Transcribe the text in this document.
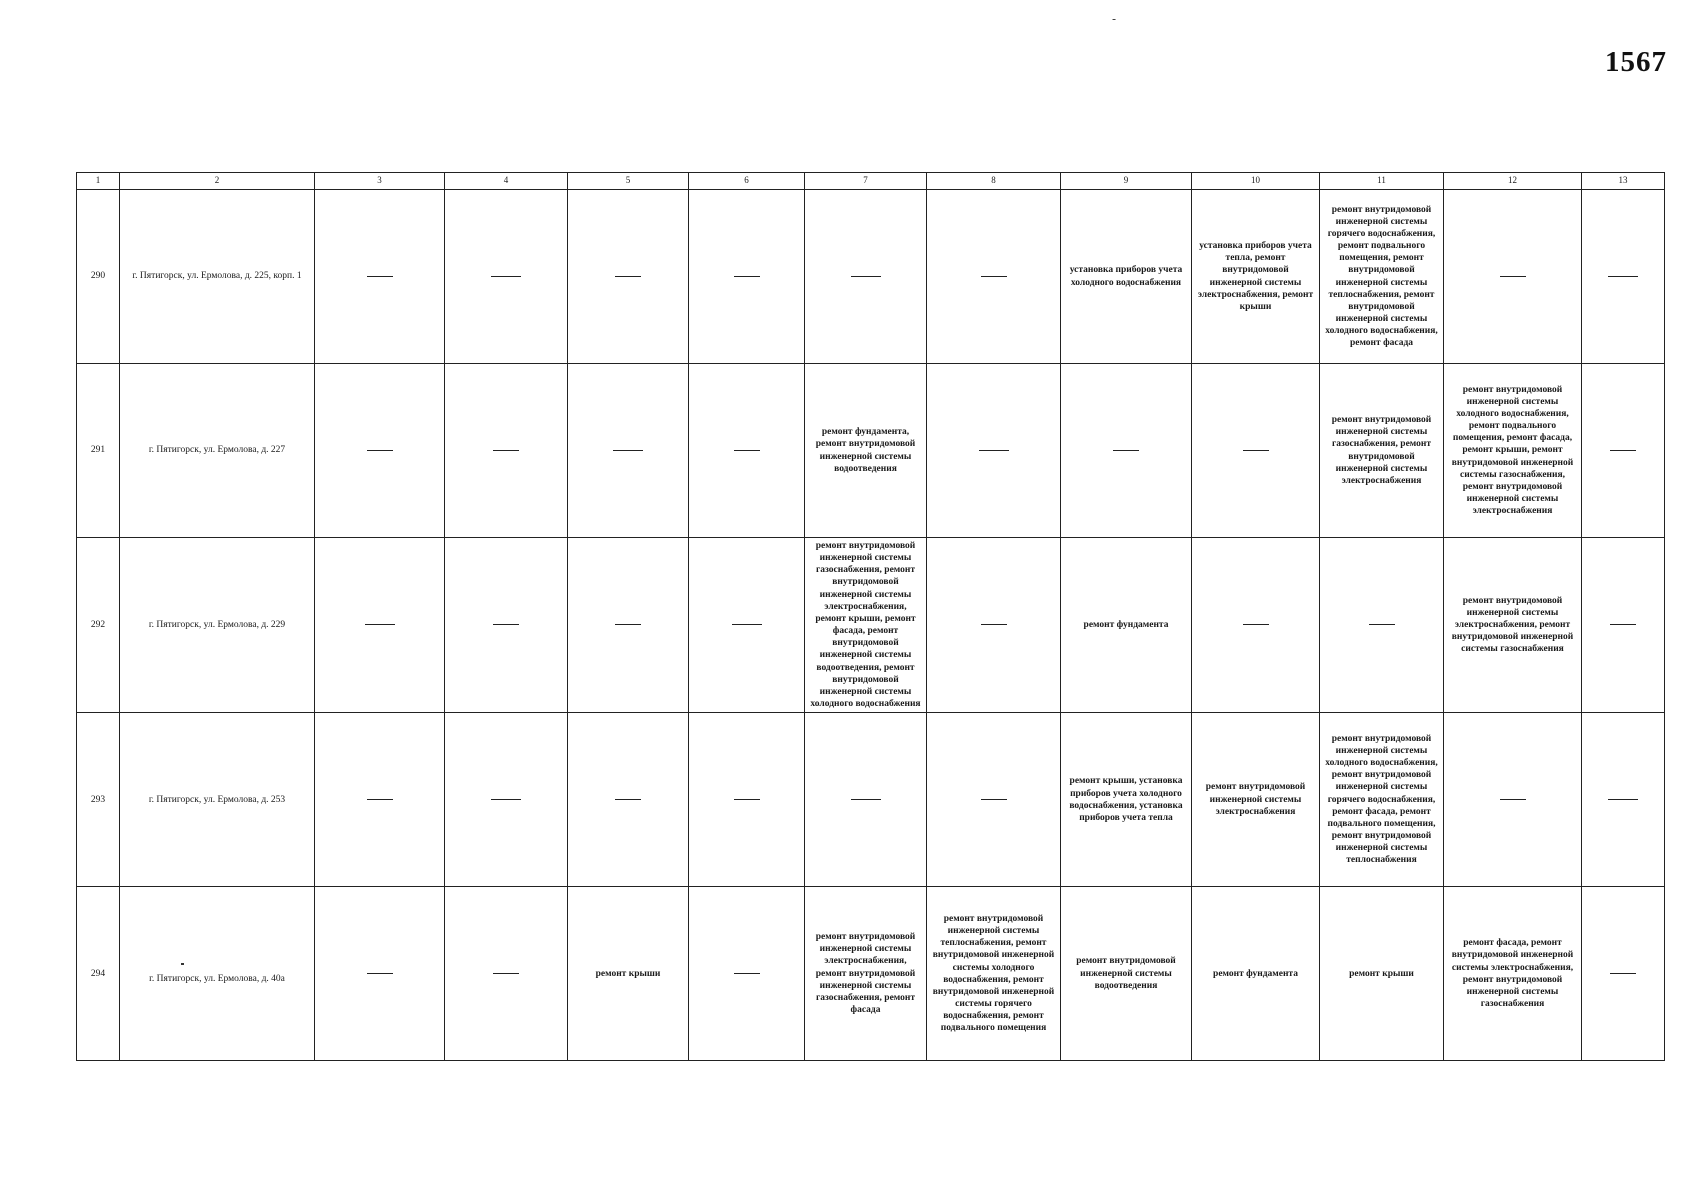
1567
-
1	2	3	4	5	6	7	8	9	10	11	12	13
290	г. Пятигорск, ул. Ермолова, д. 225, корп. 1							установка приборов учета холодного водоснабжения	установка приборов учета тепла, ремонт внутридомовой инженерной системы электроснабжения, ремонт крыши	ремонт внутридомовой инженерной системы горячего водоснабжения, ремонт подвального помещения, ремонт внутридомовой инженерной системы теплоснабжения, ремонт внутридомовой инженерной системы холодного водоснабжения, ремонт фасада		
291	г. Пятигорск, ул. Ермолова, д. 227					ремонт фундамента, ремонт внутридомовой инженерной системы водоотведения				ремонт внутридомовой инженерной системы газоснабжения, ремонт внутридомовой инженерной системы электроснабжения	ремонт внутридомовой инженерной системы холодного водоснабжения, ремонт подвального помещения, ремонт фасада, ремонт крыши, ремонт внутридомовой инженерной системы газоснабжения, ремонт внутридомовой инженерной системы электроснабжения	
292	г. Пятигорск, ул. Ермолова, д. 229					ремонт внутридомовой инженерной системы газоснабжения, ремонт внутридомовой инженерной системы электроснабжения, ремонт крыши, ремонт фасада, ремонт внутридомовой инженерной системы водоотведения, ремонт внутридомовой инженерной системы холодного водоснабжения		ремонт фундамента			ремонт внутридомовой инженерной системы электроснабжения, ремонт внутридомовой инженерной системы газоснабжения	
293	г. Пятигорск, ул. Ермолова, д. 253							ремонт крыши, установка приборов учета холодного водоснабжения, установка приборов учета тепла	ремонт внутридомовой инженерной системы электроснабжения	ремонт внутридомовой инженерной системы холодного водоснабжения, ремонт внутридомовой инженерной системы горячего водоснабжения, ремонт фасада, ремонт подвального помещения, ремонт внутридомовой инженерной системы теплоснабжения		
294	г. Пятигорск, ул. Ермолова, д. 40а			ремонт крыши		ремонт внутридомовой инженерной системы электроснабжения, ремонт внутридомовой инженерной системы газоснабжения, ремонт фасада	ремонт внутридомовой инженерной системы теплоснабжения, ремонт внутридомовой инженерной системы холодного водоснабжения, ремонт внутридомовой инженерной системы горячего водоснабжения, ремонт подвального помещения	ремонт внутридомовой инженерной системы водоотведения	ремонт фундамента	ремонт крыши	ремонт фасада, ремонт внутридомовой инженерной системы электроснабжения, ремонт внутридомовой инженерной системы газоснабжения	
